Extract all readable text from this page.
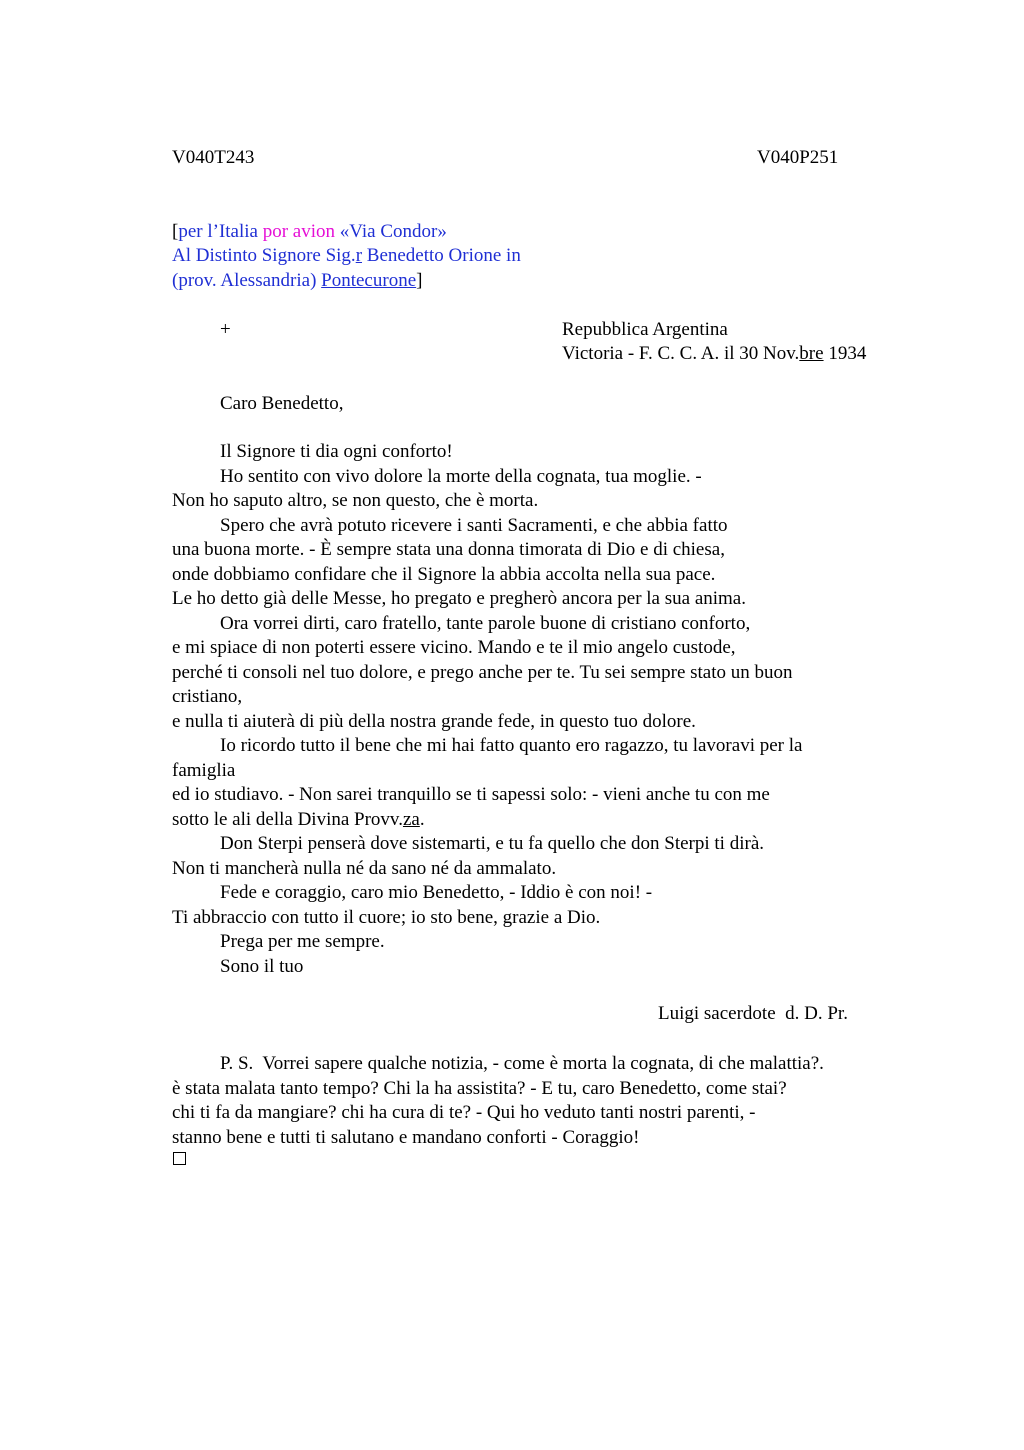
V040T243	V040P251
[per l’Italia por avion «Via Condor»
Al Distinto Signore Sig.r Benedetto Orione in
(prov. Alessandria) Pontecurone]
+	Repubblica Argentina
Victoria - F. C. C. A. il 30 Nov.bre 1934
Caro Benedetto,
Il Signore ti dia ogni conforto!
Ho sentito con vivo dolore la morte della cognata, tua moglie. -
Non ho saputo altro, se non questo, che è morta.
Spero che avrà potuto ricevere i santi Sacramenti, e che abbia fatto
una buona morte. - È sempre stata una donna timorata di Dio e di chiesa,
onde dobbiamo confidare che il Signore la abbia accolta nella sua pace.
Le ho detto già delle Messe, ho pregato e pregherò ancora per la sua anima.
Ora vorrei dirti, caro fratello, tante parole buone di cristiano conforto,
e mi spiace di non poterti essere vicino. Mando e te il mio angelo custode,
perché ti consoli nel tuo dolore, e prego anche per te. Tu sei sempre stato un buon
cristiano,
e nulla ti aiuterà di più della nostra grande fede, in questo tuo dolore.
Io ricordo tutto il bene che mi hai fatto quanto ero ragazzo, tu lavoravi per la
famiglia
ed io studiavo. - Non sarei tranquillo se ti sapessi solo: - vieni anche tu con me
sotto le ali della Divina Provv.za.
Don Sterpi penserà dove sistemarti, e tu fa quello che don Sterpi ti dirà.
Non ti mancherà nulla né da sano né da ammalato.
Fede e coraggio, caro mio Benedetto, - Iddio è con noi! -
Ti abbraccio con tutto il cuore; io sto bene, grazie a Dio.
Prega per me sempre.
Sono il tuo
Luigi sacerdote  d. D. Pr.
P. S.  Vorrei sapere qualche notizia, - come è morta la cognata, di che malattia?.
è stata malata tanto tempo? Chi la ha assistita? - E tu, caro Benedetto, come stai?
chi ti fa da mangiare? chi ha cura di te? - Qui ho veduto tanti nostri parenti, -
stanno bene e tutti ti salutano e mandano conforti - Coraggio!
